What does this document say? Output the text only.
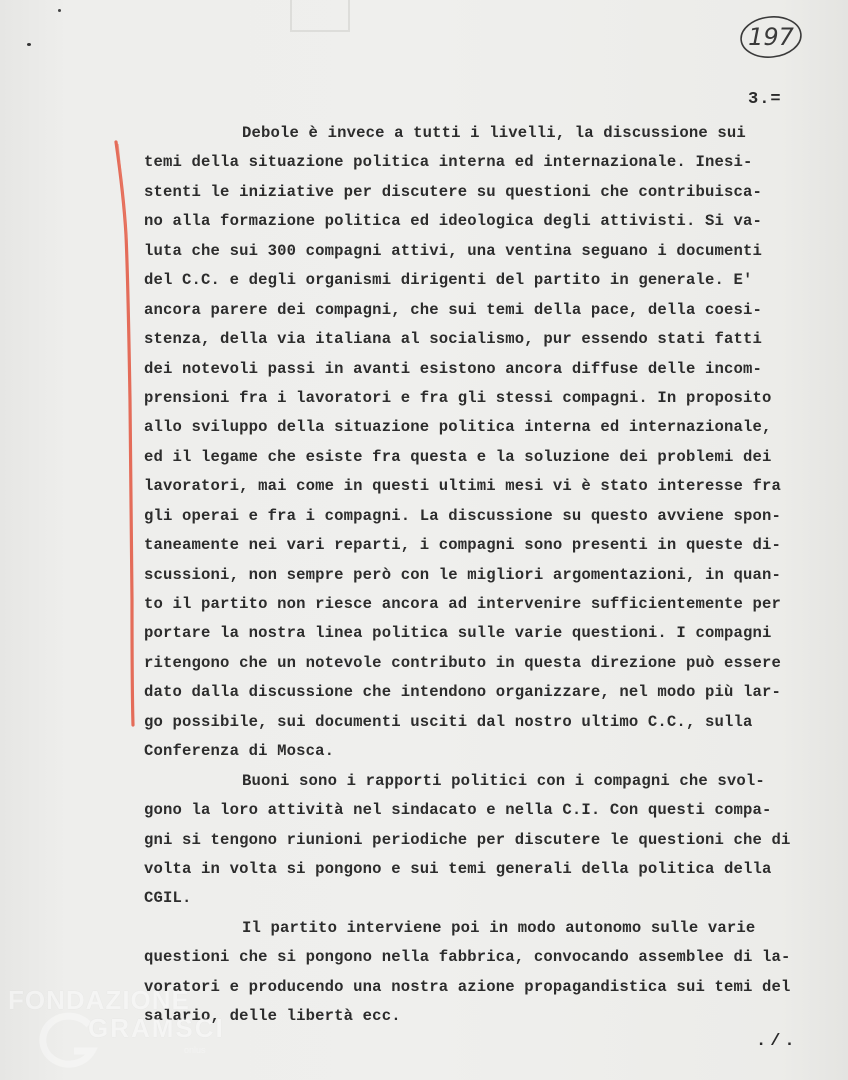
197
3.=
Debole è invece a tutti i livelli, la discussione sui
temi della situazione politica interna ed internazionale. Inesi-
stenti le iniziative per discutere su questioni che contribuisca-
no alla formazione politica ed ideologica degli attivisti. Si va-
luta che sui 300 compagni attivi, una ventina seguano i documenti
del C.C. e degli organismi dirigenti del partito in generale. E'
ancora parere dei compagni, che sui temi della pace, della coesi-
stenza, della via italiana al socialismo, pur essendo stati fatti
dei notevoli passi in avanti esistono ancora diffuse delle incom-
prensioni fra i lavoratori e fra gli stessi compagni. In proposito
allo sviluppo della situazione politica interna ed internazionale,
ed il legame che esiste fra questa e la soluzione dei problemi dei
lavoratori, mai come in questi ultimi mesi vi è stato interesse fra
gli operai e fra i compagni. La discussione su questo avviene spon-
taneamente nei vari reparti, i compagni sono presenti in queste di-
scussioni, non sempre però con le migliori argomentazioni, in quan-
to il partito non riesce ancora ad intervenire sufficientemente per
portare la nostra linea politica sulle varie questioni. I compagni
ritengono che un notevole contributo in questa direzione può essere
dato dalla discussione che intendono organizzare, nel modo più lar-
go possibile, sui documenti usciti dal nostro ultimo C.C., sulla
Conferenza di Mosca.
Buoni sono i rapporti politici con i compagni che svol-
gono la loro attività nel sindacato e nella C.I. Con questi compa-
gni si tengono riunioni periodiche per discutere le questioni che di
volta in volta si pongono e sui temi generali della politica della
CGIL.
Il partito interviene poi in modo autonomo sulle varie
questioni che si pongono nella fabbrica, convocando assemblee di la-
voratori e producendo una nostra azione propagandistica sui temi del
salario, delle libertà ecc.
./.
FONDAZIONE
GRAMSCI
onlus
